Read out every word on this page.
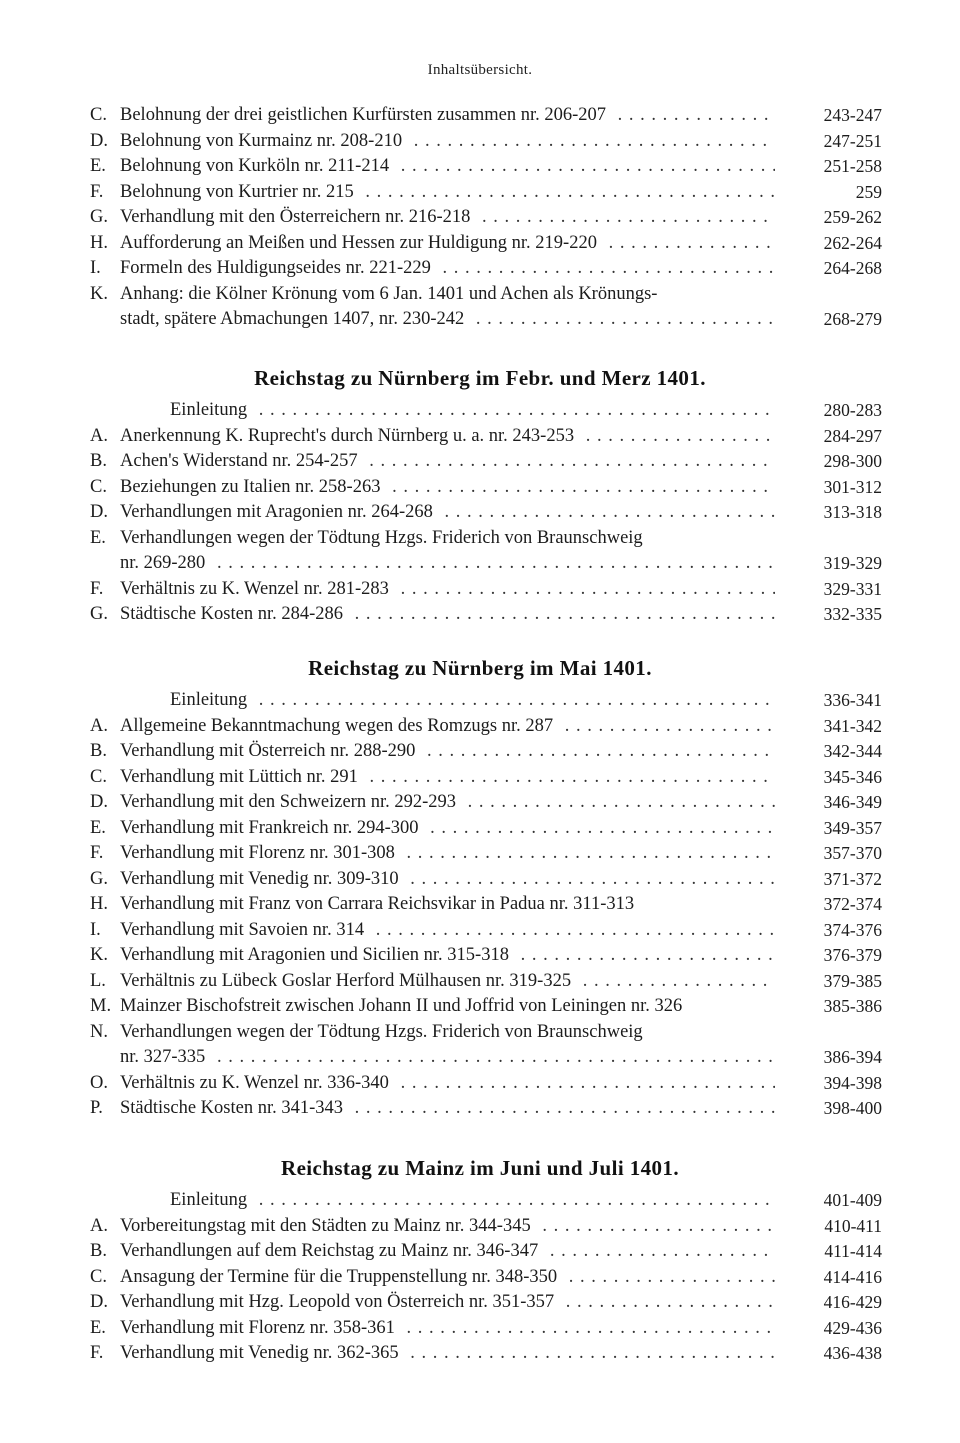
Inhaltsübersicht.
C. Belohnung der drei geistlichen Kurfürsten zusammen nr. 206-207 . .	243-247
D. Belohnung von Kurmainz nr. 208-210 . .	247-251
E. Belohnung von Kurköln nr. 211-214 . .	251-258
F. Belohnung von Kurtrier nr. 215 . .	259
G. Verhandlung mit den Österreichern nr. 216-218 . .	259-262
H. Aufforderung an Meißen und Hessen zur Huldigung nr. 219-220 . .	262-264
I.	Formeln des Huldigungseides nr. 221-229 . .	264-268
K. Anhang: die Kölner Krönung vom 6 Jan. 1401 und Achen als Krönungs-
stadt, spätere Abmachungen 1407, nr. 230-242 . .	268-279
Reichstag zu Nürnberg im Febr. und Merz 1401.
Einleitung . .	280-283
A. Anerkennung K. Ruprecht's durch Nürnberg u. a. nr. 243-253 . .	284-297
B. Achen's Widerstand nr. 254-257 . .	298-300
C. Beziehungen zu Italien nr. 258-263 . .	301-312
D. Verhandlungen mit Aragonien nr. 264-268 . .	313-318
E. Verhandlungen wegen der Tödtung Hzgs. Friderich von Braunschweig
nr. 269-280 . .	319-329
F. Verhältnis zu K. Wenzel nr. 281-283 . .	329-331
G. Städtische Kosten nr. 284-286 . .	332-335
Reichstag zu Nürnberg im Mai 1401.
Einleitung . .	336-341
A. Allgemeine Bekanntmachung wegen des Romzugs nr. 287 . .	341-342
B. Verhandlung mit Österreich nr. 288-290 . .	342-344
C. Verhandlung mit Lüttich nr. 291 . .	345-346
D. Verhandlung mit den Schweizern nr. 292-293 . .	346-349
E. Verhandlung mit Frankreich nr. 294-300 . .	349-357
F. Verhandlung mit Florenz nr. 301-308 . .	357-370
G. Verhandlung mit Venedig nr. 309-310 . .	371-372
H. Verhandlung mit Franz von Carrara Reichsvikar in Padua nr. 311-313	372-374
I.	Verhandlung mit Savoien nr. 314 . .	374-376
K. Verhandlung mit Aragonien und Sicilien nr. 315-318 . .	376-379
L. Verhältnis zu Lübeck Goslar Herford Mülhausen nr. 319-325 . .	379-385
M. Mainzer Bischofstreit zwischen Johann II und Joffrid von Leiningen nr. 326	385-386
N. Verhandlungen wegen der Tödtung Hzgs. Friderich von Braunschweig
nr. 327-335 . .	386-394
O. Verhältnis zu K. Wenzel nr. 336-340 . .	394-398
P. Städtische Kosten nr. 341-343 . .	398-400
Reichstag zu Mainz im Juni und Juli 1401.
Einleitung . .	401-409
A. Vorbereitungstag mit den Städten zu Mainz nr. 344-345 . .	410-411
B. Verhandlungen auf dem Reichstag zu Mainz nr. 346-347 . .	411-414
C. Ansagung der Termine für die Truppenstellung nr. 348-350 . .	414-416
D. Verhandlung mit Hzg. Leopold von Österreich nr. 351-357 . .	416-429
E. Verhandlung mit Florenz nr. 358-361 . .	429-436
F. Verhandlung mit Venedig nr. 362-365 . .	436-438
